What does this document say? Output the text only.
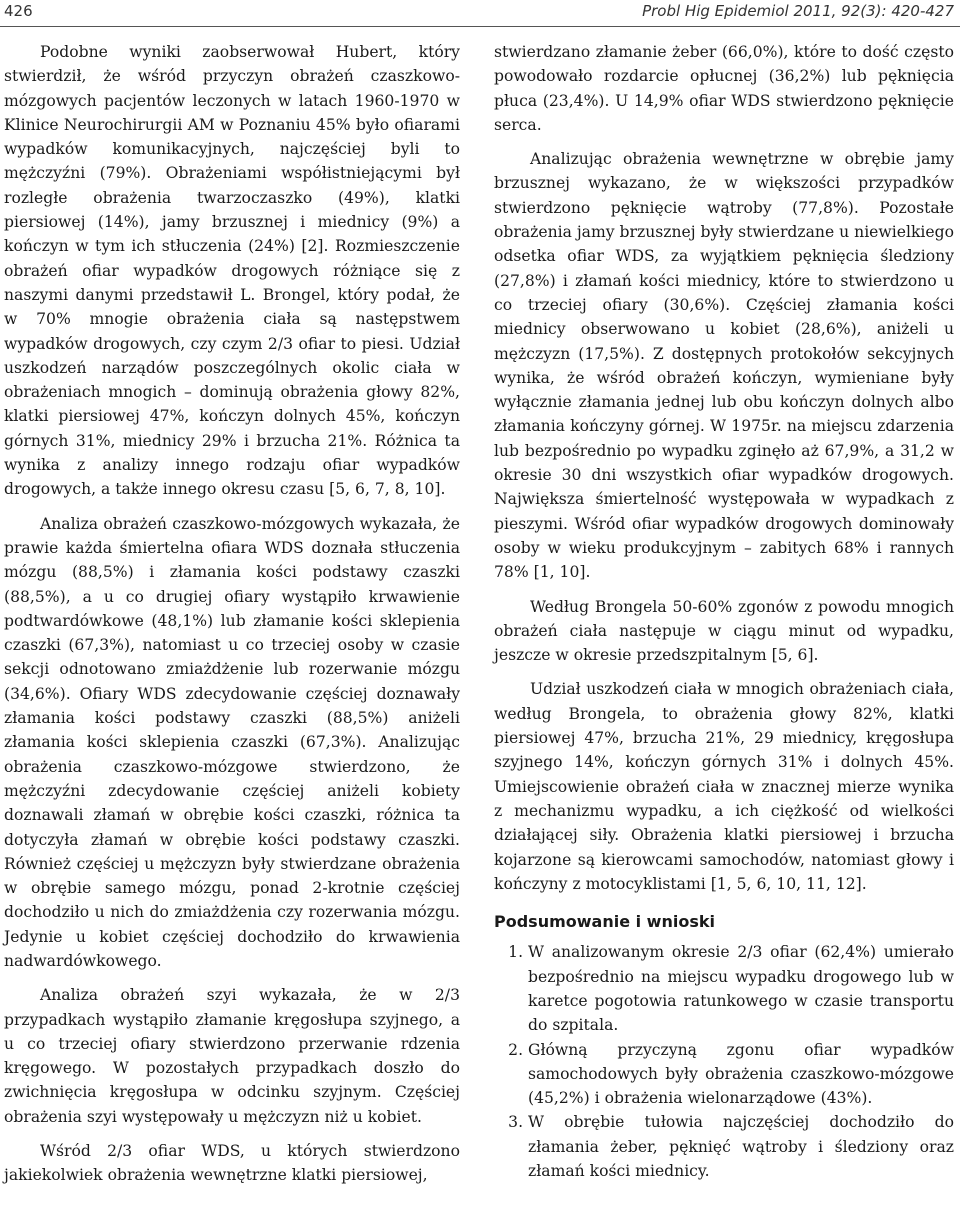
426	Probl Hig Epidemiol 2011, 92(3): 420-427

Podobne wyniki zaobserwował Hubert, który stwierdził, że wśród przyczyn obrażeń czaszkowo-mózgowych pacjentów leczonych w latach 1960-1970 w Klinice Neurochirurgii AM w Poznaniu 45% było ofiarami wypadków komunikacyjnych, najczęściej byli to mężczyźni (79%). Obrażeniami współistniejącymi był rozległe obrażenia twarzoczaszko (49%), klatki piersiowej (14%), jamy brzusznej i miednicy (9%) a kończyn w tym ich stłuczenia (24%) [2]. Rozmieszczenie obrażeń ofiar wypadków drogowych różniące się z naszymi danymi przedstawił L. Brongel, który podał, że w 70% mnogie obrażenia ciała są następstwem wypadków drogowych, czy czym 2/3 ofiar to piesi. Udział uszkodzeń narządów poszczególnych okolic ciała w obrażeniach mnogich – dominują obrażenia głowy 82%, klatki piersiowej 47%, kończyn dolnych 45%, kończyn górnych 31%, miednicy 29% i brzucha 21%. Różnica ta wynika z analizy innego rodzaju ofiar wypadków drogowych, a także innego okresu czasu [5, 6, 7, 8, 10].

Analiza obrażeń czaszkowo-mózgowych wykazała, że prawie każda śmiertelna ofiara WDS doznała stłuczenia mózgu (88,5%) i złamania kości podstawy czaszki (88,5%), a u co drugiej ofiary wystąpiło krwawienie podtwardówkowe (48,1%) lub złamanie kości sklepienia czaszki (67,3%), natomiast u co trzeciej osoby w czasie sekcji odnotowano zmiażdżenie lub rozerwanie mózgu (34,6%). Ofiary WDS zdecydowanie częściej doznawały złamania kości podstawy czaszki (88,5%) aniżeli złamania kości sklepienia czaszki (67,3%). Analizując obrażenia czaszkowo-mózgowe stwierdzono, że mężczyźni zdecydowanie częściej aniżeli kobiety doznawali złamań w obrębie kości czaszki, różnica ta dotyczyła złamań w obrębie kości podstawy czaszki. Również częściej u mężczyzn były stwierdzane obrażenia w obrębie samego mózgu, ponad 2-krotnie częściej dochodziło u nich do zmiażdżenia czy rozerwania mózgu. Jedynie u kobiet częściej dochodziło do krwawienia nadwardówkowego.

Analiza obrażeń szyi wykazała, że w 2/3 przypadkach wystąpiło złamanie kręgosłupa szyjnego, a u co trzeciej ofiary stwierdzono przerwanie rdzenia kręgowego. W pozostałych przypadkach doszło do zwichnięcia kręgosłupa w odcinku szyjnym. Częściej obrażenia szyi występowały u mężczyzn niż u kobiet.

Wśród 2/3 ofiar WDS, u których stwierdzono jakiekolwiek obrażenia wewnętrzne klatki piersiowej,

stwierdzano złamanie żeber (66,0%), które to dość często powodowało rozdarcie opłucnej (36,2%) lub pęknięcia płuca (23,4%). U 14,9% ofiar WDS stwierdzono pęknięcie serca.

Analizując obrażenia wewnętrzne w obrębie jamy brzusznej wykazano, że w większości przypadków stwierdzono pęknięcie wątroby (77,8%). Pozostałe obrażenia jamy brzusznej były stwierdzane u niewielkiego odsetka ofiar WDS, za wyjątkiem pęknięcia śledziony (27,8%) i złamań kości miednicy, które to stwierdzono u co trzeciej ofiary (30,6%). Częściej złamania kości miednicy obserwowano u kobiet (28,6%), aniżeli u mężczyzn (17,5%). Z dostępnych protokołów sekcyjnych wynika, że wśród obrażeń kończyn, wymieniane były wyłącznie złamania jednej lub obu kończyn dolnych albo złamania kończyny górnej. W 1975r. na miejscu zdarzenia lub bezpośrednio po wypadku zginęło aż 67,9%, a 31,2 w okresie 30 dni wszystkich ofiar wypadków drogowych. Największa śmiertelność występowała w wypadkach z pieszymi. Wśród ofiar wypadków drogowych dominowały osoby w wieku produkcyjnym – zabitych 68% i rannych 78% [1, 10].

Według Brongela 50-60% zgonów z powodu mnogich obrażeń ciała następuje w ciągu minut od wypadku, jeszcze w okresie przedszpitalnym [5, 6].

Udział uszkodzeń ciała w mnogich obrażeniach ciała, według Brongela, to obrażenia głowy 82%, klatki piersiowej 47%, brzucha 21%, 29 miednicy, kręgosłupa szyjnego 14%, kończyn górnych 31% i dolnych 45%. Umiejscowienie obrażeń ciała w znacznej mierze wynika z mechanizmu wypadku, a ich ciężkość od wielkości działającej siły. Obrażenia klatki piersiowej i brzucha kojarzone są kierowcami samochodów, natomiast głowy i kończyny z motocyklistami [1, 5, 6, 10, 11, 12].

Podsumowanie i wnioski
1. W analizowanym okresie 2/3 ofiar (62,4%) umierało bezpośrednio na miejscu wypadku drogowego lub w karetce pogotowia ratunkowego w czasie transportu do szpitala.
2. Główną przyczyną zgonu ofiar wypadków samochodowych były obrażenia czaszkowo-mózgowe (45,2%) i obrażenia wielonarządowe (43%).
3. W obrębie tułowia najczęściej dochodziło do złamania żeber, pęknięć wątroby i śledziony oraz złamań kości miednicy.
